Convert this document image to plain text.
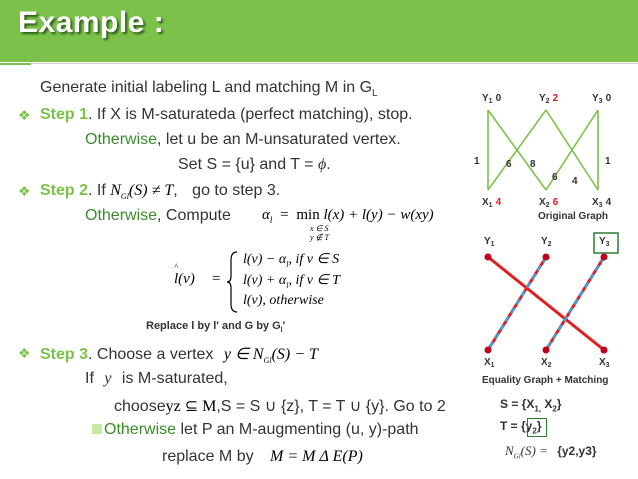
Example :
Generate initial labeling L and matching M in $G_L$
❖ Step 1. If X is M-saturateda (perfect matching), stop.
Otherwise, let u be an M-unsaturated vertex.
Set S = {u} and T = ϕ.
❖ Step 2. If $N_{Gl}(S) \ne T$, go to step 3.
Otherwise, Compute $\alpha_l = \min l(x) + l(y) - w(xy)$
x ∈ S
y ∉ T
^
l(v) =
$l(v) - \alpha_l$, if v ∈ S
$l(v) + \alpha_l$, if v ∈ T
l(v), otherwise
Replace l by l' and G by $G_l'$
❖ Step 3. Choose a vertex y ∈ $N_{Gl}(S) - T$
If y is M-saturated,
chooseyz ⊆ M,S = S ∪ {z}, T = T ∪ {y}. Go to 2
Otherwise let P an M-augmenting (u, y)-path
replace M by M = M Δ E(P)
$Y_1$ 0	$Y_2$ 2	$Y_3$ 0
$X_1$ 4	$X_2$ 6	$X_3$ 4
1	6 8	1
6 4
Original Graph
$Y_1$	$Y_2$	$Y_3$
$X_1$	$X_2$	$X_3$
Equality Graph + Matching
$S = \{X_{1,}$ $X_2$}
$T = \{y_2\}$
$N_{Gl}(S) = \{y2,y3\}$
